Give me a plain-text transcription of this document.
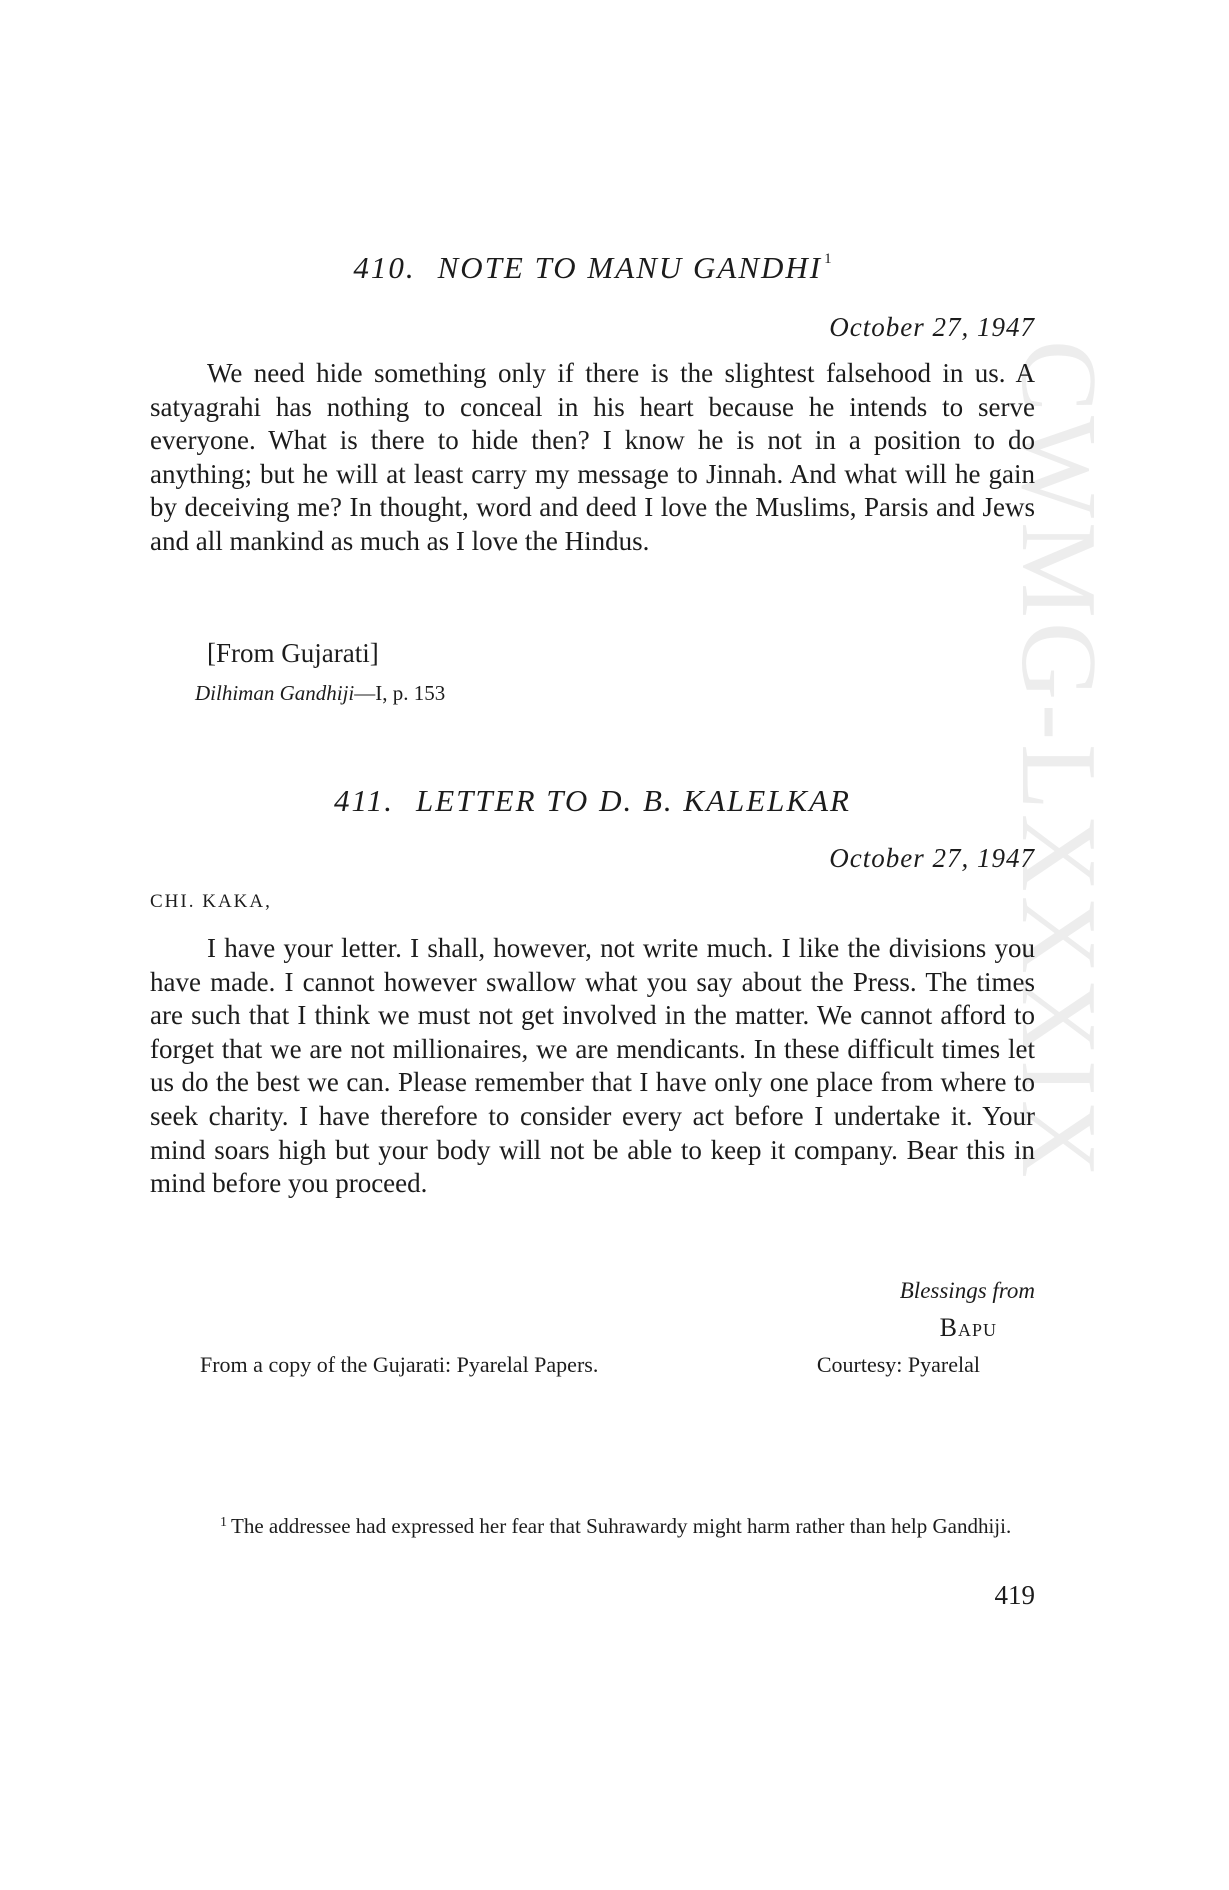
CWMG-LXXXIX
410. NOTE TO MANU GANDHI $^1$
October 27, 1947

We need hide something only if there is the slightest falsehood in us. A satyagrahi has nothing to conceal in his heart because he intends to serve everyone. What is there to hide then? I know he is not in a position to do anything; but he will at least carry my message to Jinnah. And what will he gain by deceiving me? In thought, word and deed I love the Muslims, Parsis and Jews and all mankind as much as I love the Hindus.

[From Gujarati]
Dilhiman Gandhiji—I, p. 153
411. LETTER TO D. B. KALELKAR
October 27, 1947
CHI. KAKA,

I have your letter. I shall, however, not write much. I like the divisions you have made. I cannot however swallow what you say about the Press. The times are such that I think we must not get involved in the matter. We cannot afford to forget that we are not millionaires, we are mendicants. In these difficult times let us do the best we can. Please remember that I have only one place from where to seek charity. I have therefore to consider every act before I undertake it. Your mind soars high but your body will not be able to keep it company. Bear this in mind before you proceed.

Blessings from
Bapu
From a copy of the Gujarati: Pyarelal Papers.	Courtesy: Pyarelal

$^1$ The addressee had expressed her fear that Suhrawardy might harm rather than help Gandhiji.

419
